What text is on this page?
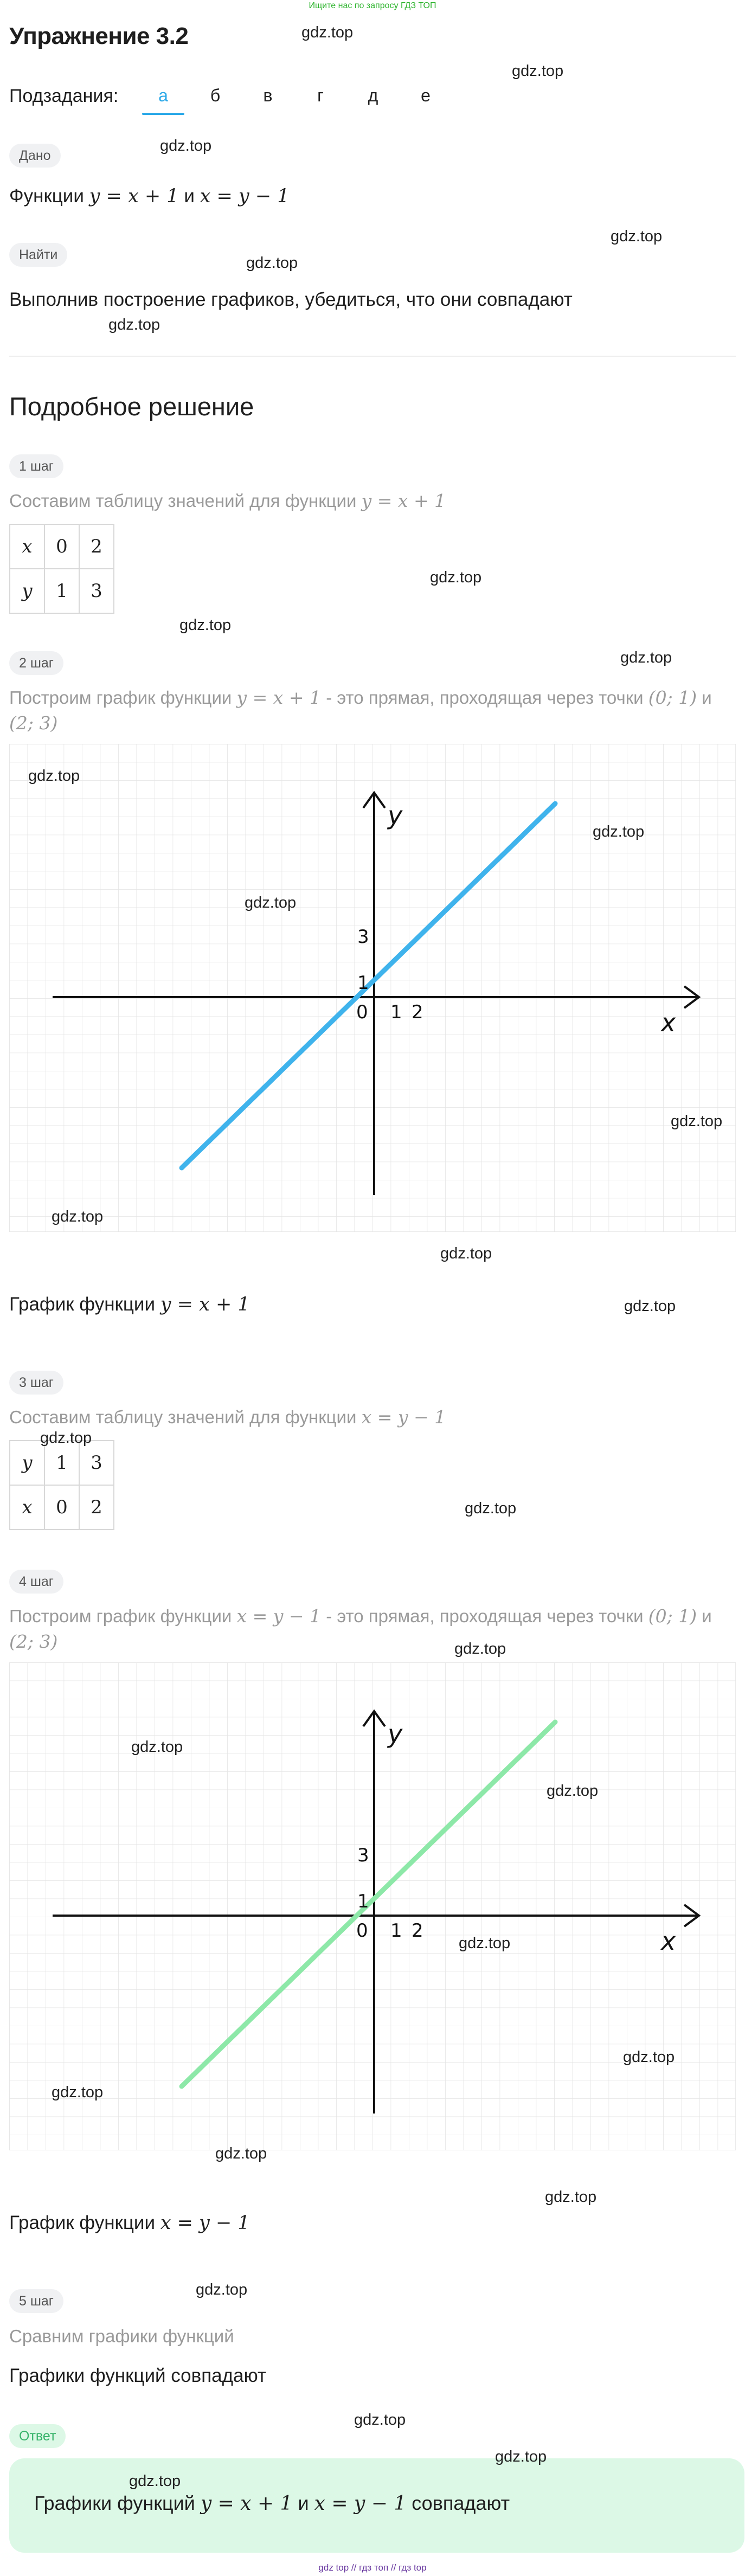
Ищите нас по запросу ГДЗ ТОП
Упражнение 3.2
Подзадания:	а	б	в	г	д	е
Дано
Функции y = x + 1 и x = y − 1
Найти
Выполнив построение графиков, убедиться, что они совпадают
Подробное решение
1 шаг
Составим таблицу значений для функции y = x + 1
x	0	2
y	1	3
2 шаг
Построим график функции y = x + 1 - это прямая, проходящая через точки (0; 1) и
(2; 3)
y
x
3
1
0 1 2
График функции y = x + 1
3 шаг
Составим таблицу значений для функции x = y − 1
y	1	3
x	0	2
4 шаг
Построим график функции x = y − 1 - это прямая, проходящая через точки (0; 1) и
(2; 3)
y
x
3
1
0 1 2
График функции x = y − 1
5 шаг
Сравним графики функций
Графики функций совпадают
Ответ
Графики функций y = x + 1 и x = y − 1 совпадают
gdz top // гдз топ // гдз top
gdz.top
gdz.top
gdz.top
gdz.top
gdz.top
gdz.top
gdz.top
gdz.top
gdz.top
gdz.top
gdz.top
gdz.top
gdz.top
gdz.top
gdz.top
gdz.top
gdz.top
gdz.top
gdz.top
gdz.top
gdz.top
gdz.top
gdz.top
gdz.top
gdz.top
gdz.top
gdz.top
gdz.top
gdz.top
gdz.top
